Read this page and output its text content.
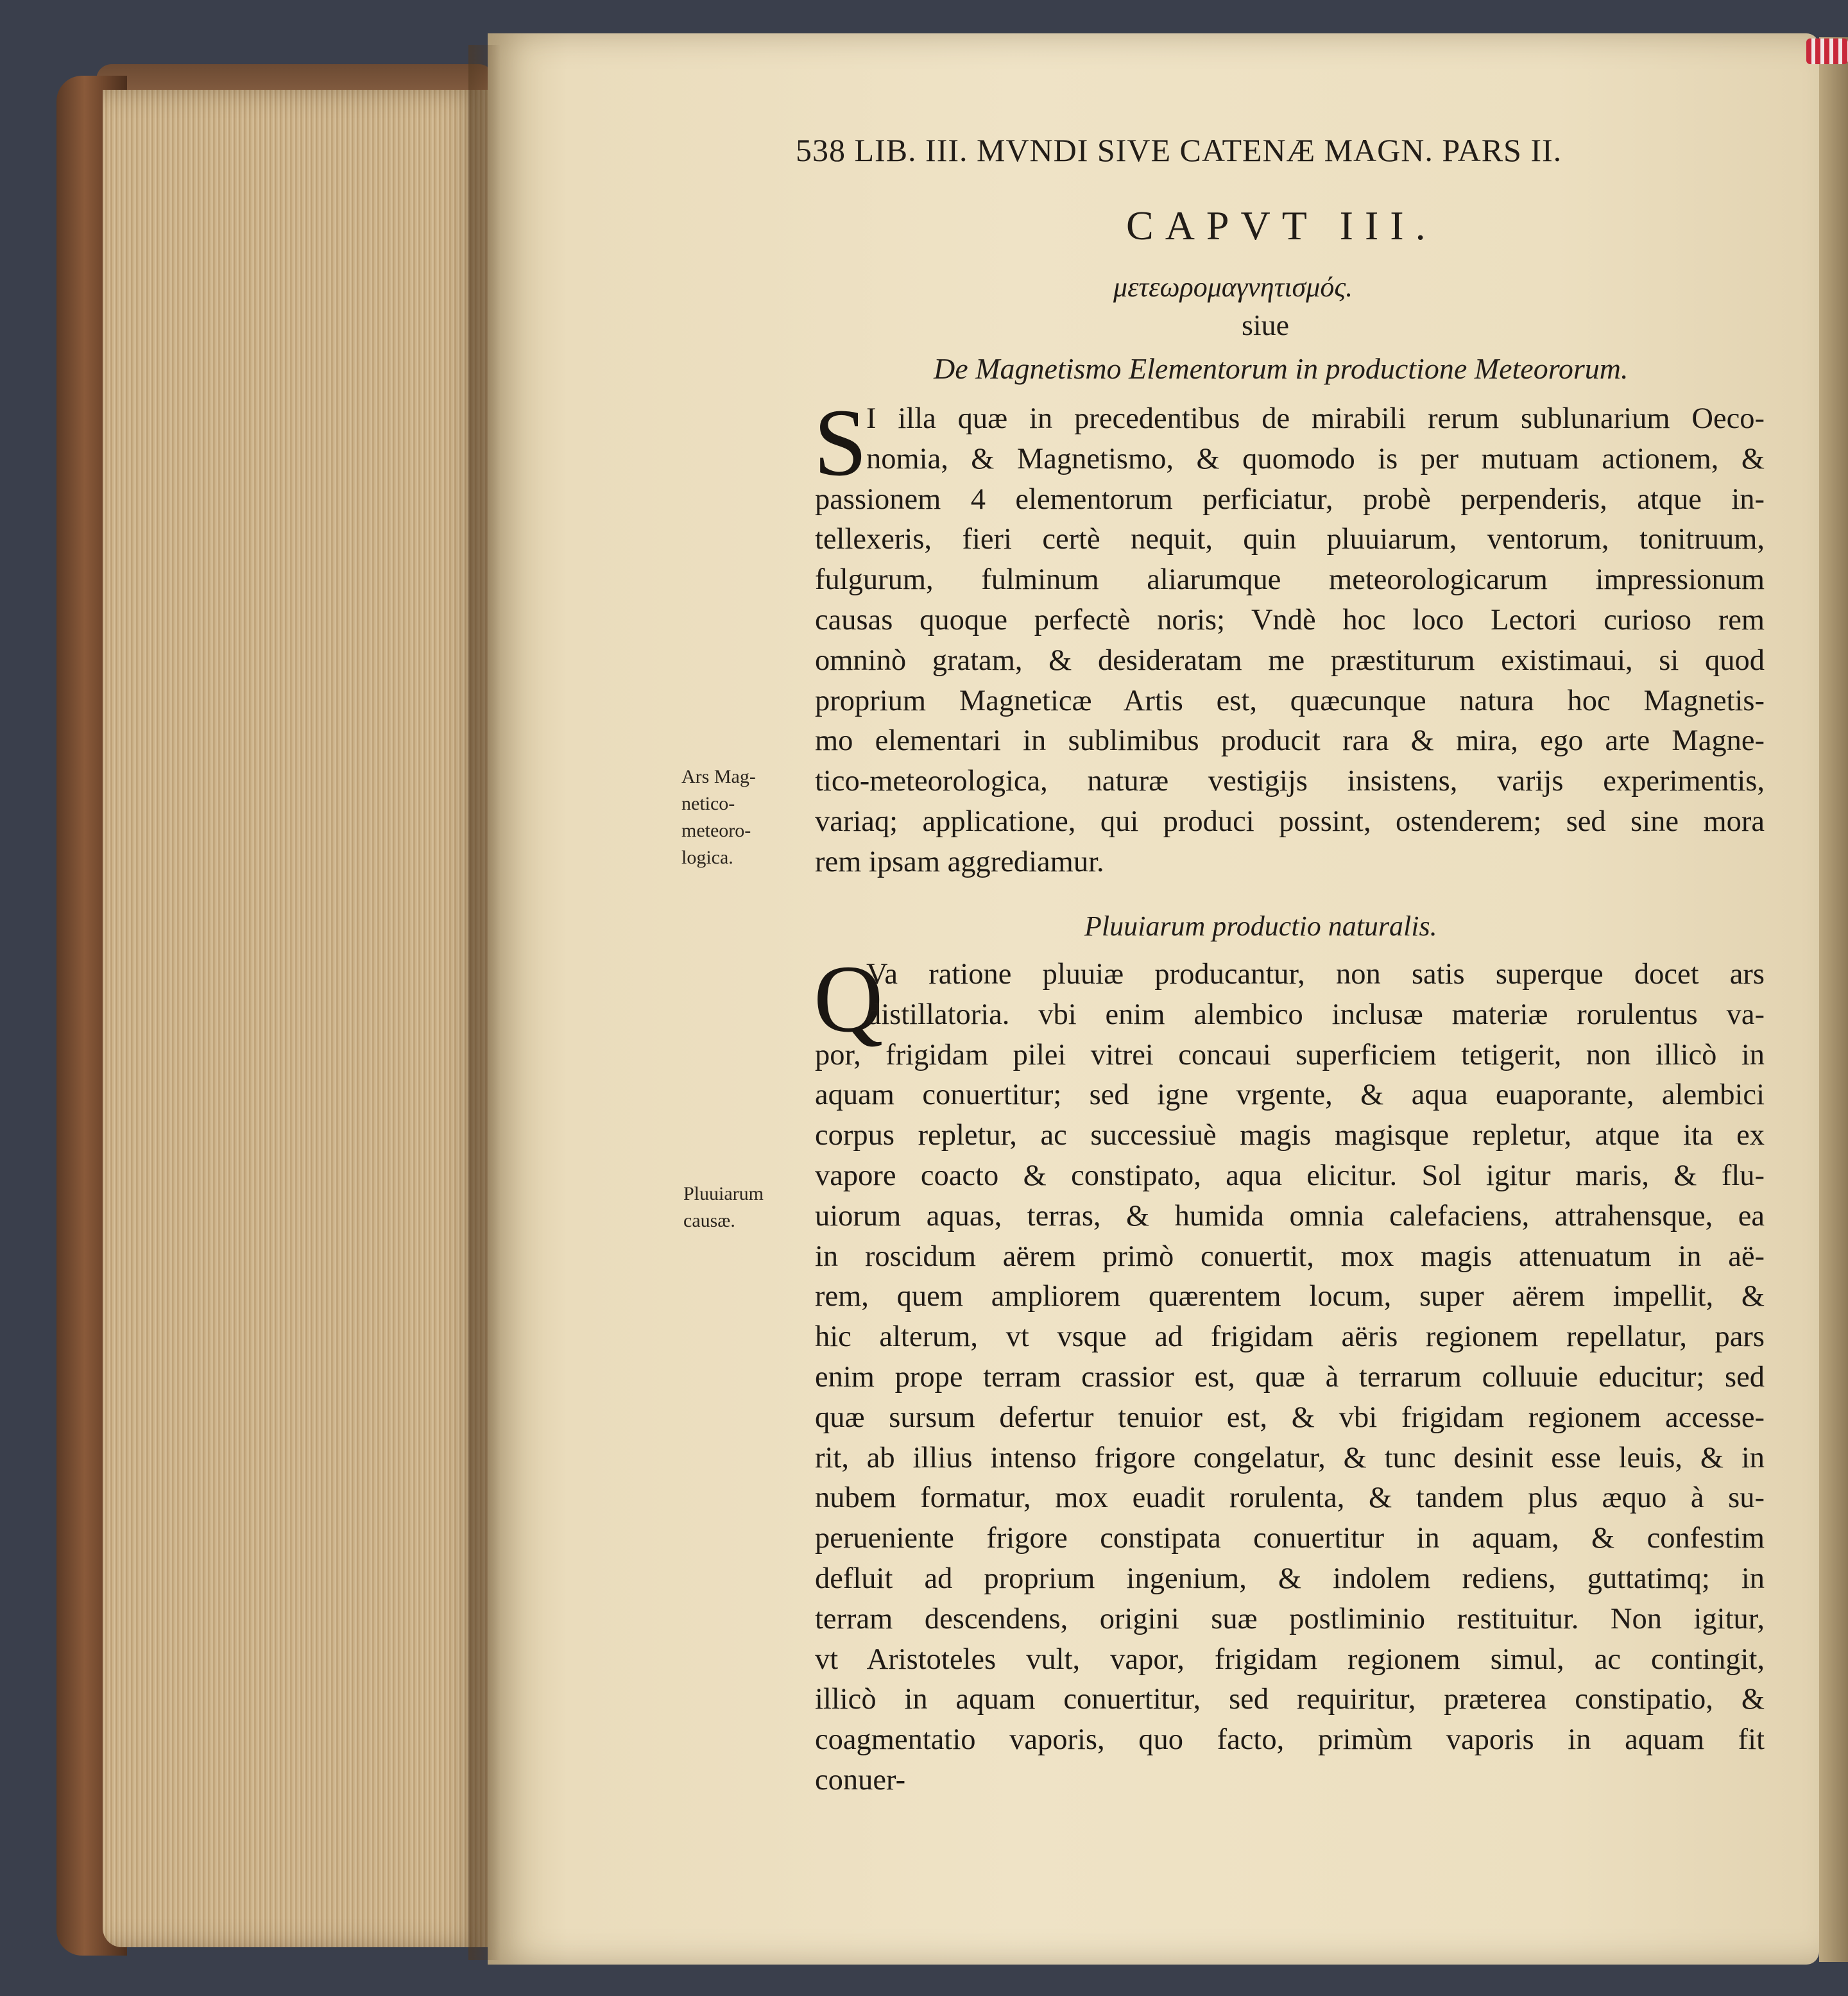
538 LIB. III. MVNDI SIVE CATENÆ MAGN. PARS II.
CAPVT III.
μετεωρομαγνητισμός.
siue
De Magnetismo Elementorum in productione Meteororum.
S
I illa quæ in precedentibus de mirabili rerum sublunarium Oeco-
nomia, & Magnetismo, & quomodo is per mutuam actionem, &
passionem 4 elementorum perficiatur, probè perpenderis, atque in-
tellexeris, fieri certè nequit, quin pluuiarum, ventorum, tonitruum,
fulgurum, fulminum aliarumque meteorologicarum impressionum
causas quoque perfectè noris; Vndè hoc loco Lectori curioso rem
omninò gratam, & desideratam me præstiturum existimaui, si quod
proprium Magneticæ Artis est, quæcunque natura hoc Magnetis-
mo elementari in sublimibus producit rara & mira, ego arte Magne-
tico-meteorologica, naturæ vestigijs insistens, varijs experimentis,
variaq; applicatione, qui produci possint, ostenderem; sed sine mora
rem ipsam aggrediamur.
Pluuiarum productio naturalis.
Q
Va ratione pluuiæ producantur, non satis superque docet ars
distillatoria. vbi enim alembico inclusæ materiæ rorulentus va-
por, frigidam pilei vitrei concaui superficiem tetigerit, non illicò in
aquam conuertitur; sed igne vrgente, & aqua euaporante, alembici
corpus repletur, ac successiuè magis magisque repletur, atque ita ex
vapore coacto & constipato, aqua elicitur. Sol igitur maris, & flu-
uiorum aquas, terras, & humida omnia calefaciens, attrahensque, ea
in roscidum aërem primò conuertit, mox magis attenuatum in aë-
rem, quem ampliorem quærentem locum, super aërem impellit, &
hic alterum, vt vsque ad frigidam aëris regionem repellatur, pars
enim prope terram crassior est, quæ à terrarum colluuie educitur; sed
quæ sursum defertur tenuior est, & vbi frigidam regionem accesse-
rit, ab illius intenso frigore congelatur, & tunc desinit esse leuis, & in
nubem formatur, mox euadit rorulenta, & tandem plus æquo à su-
perueniente frigore constipata conuertitur in aquam, & confestim
defluit ad proprium ingenium, & indolem rediens, guttatimq; in
terram descendens, origini suæ postliminio restituitur. Non igitur,
vt Aristoteles vult, vapor, frigidam regionem simul, ac contingit,
illicò in aquam conuertitur, sed requiritur, præterea constipatio, &
coagmentatio vaporis, quo facto, primùm vaporis in aquam fit
conuer-
Ars Mag-
netico-
meteoro-
logica.
Pluuiarum
causæ.
